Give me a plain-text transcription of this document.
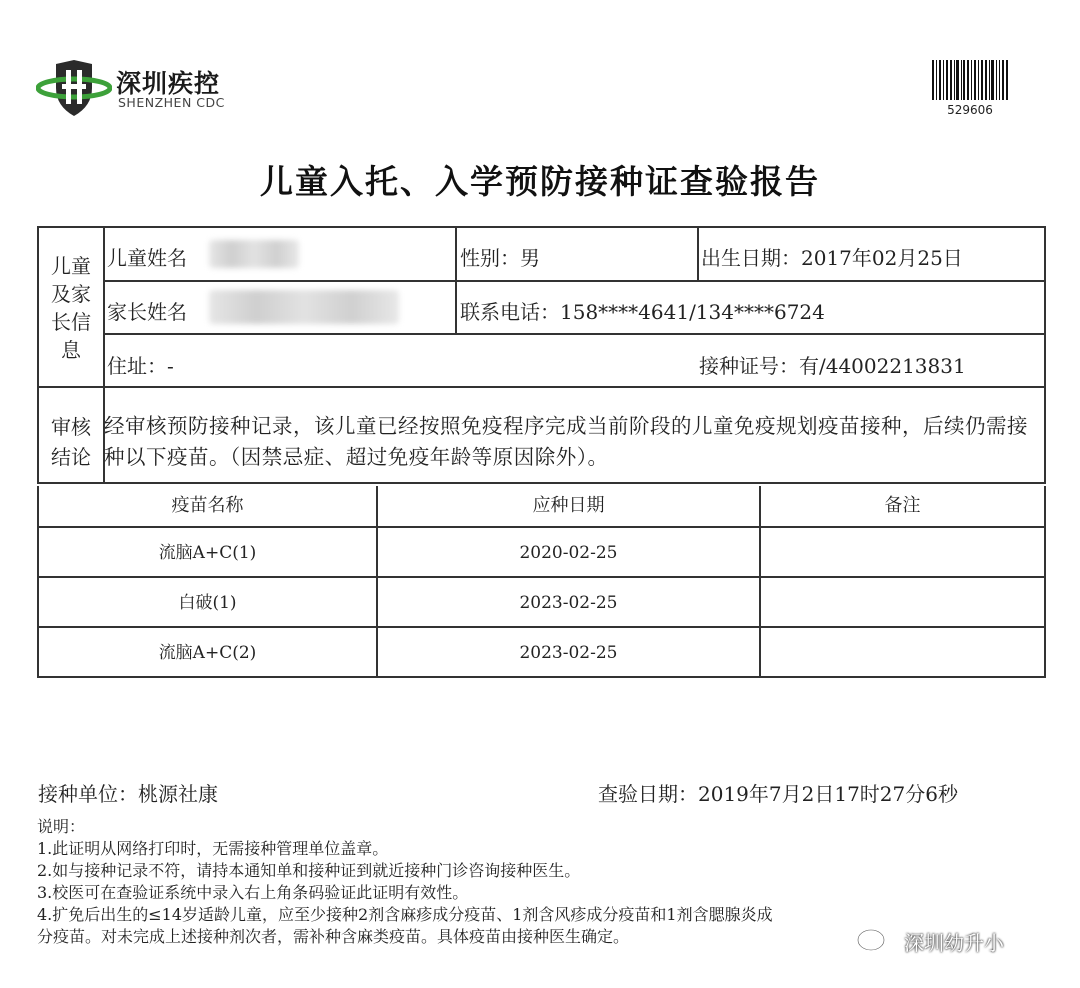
深圳疾控
SHENZHEN CDC	529606
儿童入托、入学预防接种证查验报告
儿童及家长信息
儿童姓名	性别：男	出生日期：2017年02月25日
家长姓名	联系电话：158****4641/134****6724
住址：-	接种证号：有/44002213831
审核结论
经审核预防接种记录，该儿童已经按照免疫程序完成当前阶段的儿童免疫规划疫苗接种，后续仍需接种以下疫苗。（因禁忌症、超过免疫年龄等原因除外）。
疫苗名称	应种日期	备注
流脑A+C(1)	2020-02-25
白破(1)	2023-02-25
流脑A+C(2)	2023-02-25
接种单位：桃源社康	查验日期：2019年7月2日17时27分6秒
说明：
1.此证明从网络打印时，无需接种管理单位盖章。
2.如与接种记录不符，请持本通知单和接种证到就近接种门诊咨询接种医生。
3.校医可在查验证系统中录入右上角条码验证此证明有效性。
4.扩免后出生的≤14岁适龄儿童，应至少接种2剂含麻疹成分疫苗、1剂含风疹成分疫苗和1剂含腮腺炎成
分疫苗。对未完成上述接种剂次者，需补种含麻类疫苗。具体疫苗由接种医生确定。	深圳幼升小
